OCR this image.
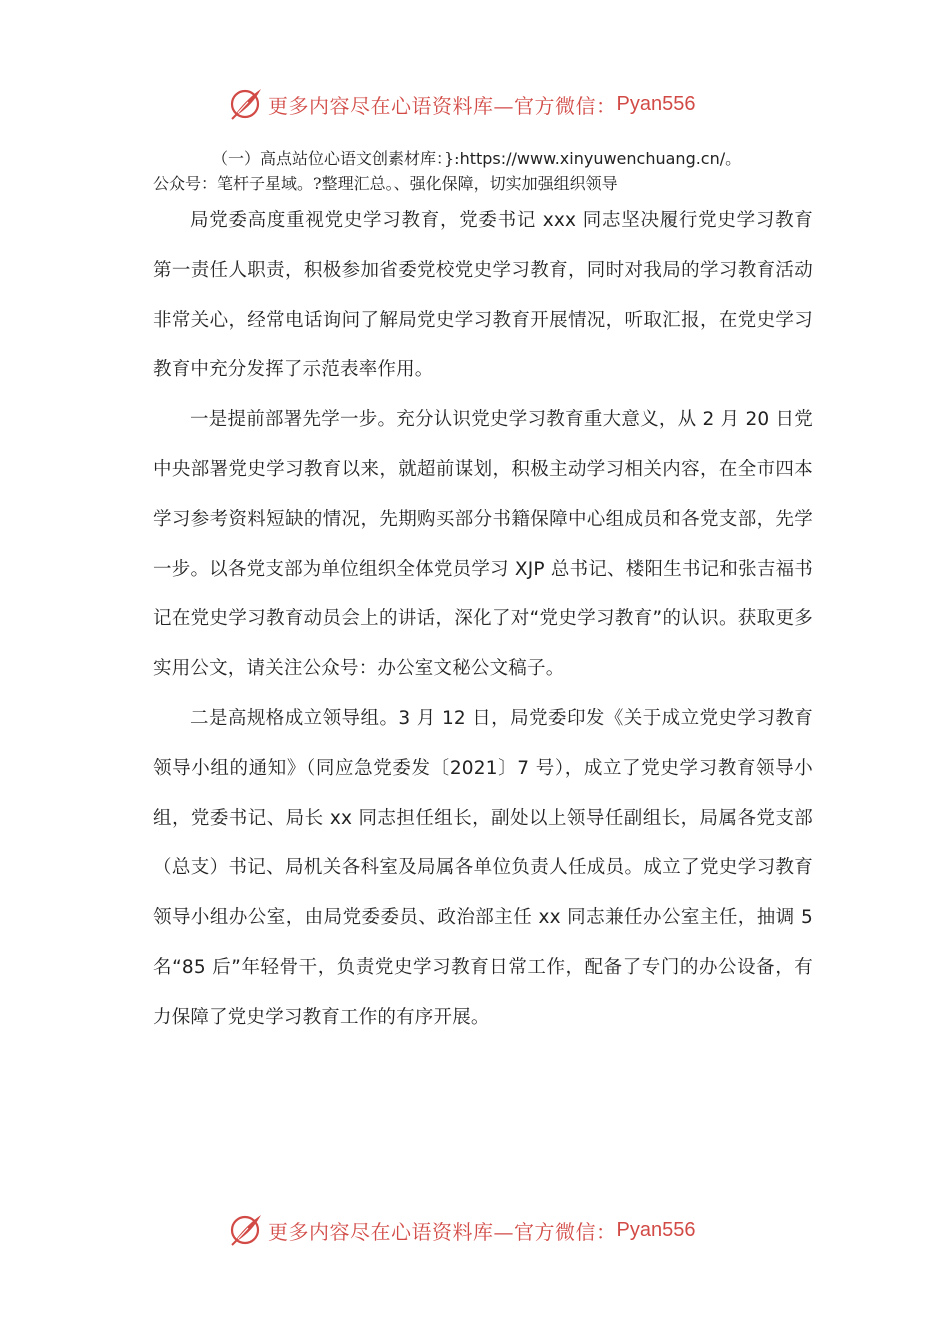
更多内容尽在心语资料库—官方微信： Pyan556
（一）高点站位心语文创素材库：}:https://www.xinyuwenchuang.cn/。
公众号：笔杆子星域。?整理汇总。、强化保障，切实加强组织领导

局党委高度重视党史学习教育，党委书记 xxx 同志坚决履行党史学习教育第一责任人职责，积极参加省委党校党史学习教育，同时对我局的学习教育活动非常关心，经常电话询问了解局党史学习教育开展情况，听取汇报，在党史学习教育中充分发挥了示范表率作用。

一是提前部署先学一步。充分认识党史学习教育重大意义，从 2 月 20 日党中央部署党史学习教育以来，就超前谋划，积极主动学习相关内容，在全市四本学习参考资料短缺的情况，先期购买部分书籍保障中心组成员和各党支部，先学一步。以各党支部为单位组织全体党员学习 XJP 总书记、楼阳生书记和张吉福书记在党史学习教育动员会上的讲话，深化了对“党史学习教育”的认识。获取更多实用公文，请关注公众号：办公室文秘公文稿子。

二是高规格成立领导组。3 月 12 日，局党委印发《关于成立党史学习教育领导小组的通知》（同应急党委发〔2021〕7 号），成立了党史学习教育领导小组，党委书记、局长 xx 同志担任组长，副处以上领导任副组长，局属各党支部（总支）书记、局机关各科室及局属各单位负责人任成员。成立了党史学习教育领导小组办公室，由局党委委员、政治部主任 xx 同志兼任办公室主任，抽调 5 名“85 后”年轻骨干，负责党史学习教育日常工作，配备了专门的办公设备，有力保障了党史学习教育工作的有序开展。

更多内容尽在心语资料库—官方微信： Pyan556
